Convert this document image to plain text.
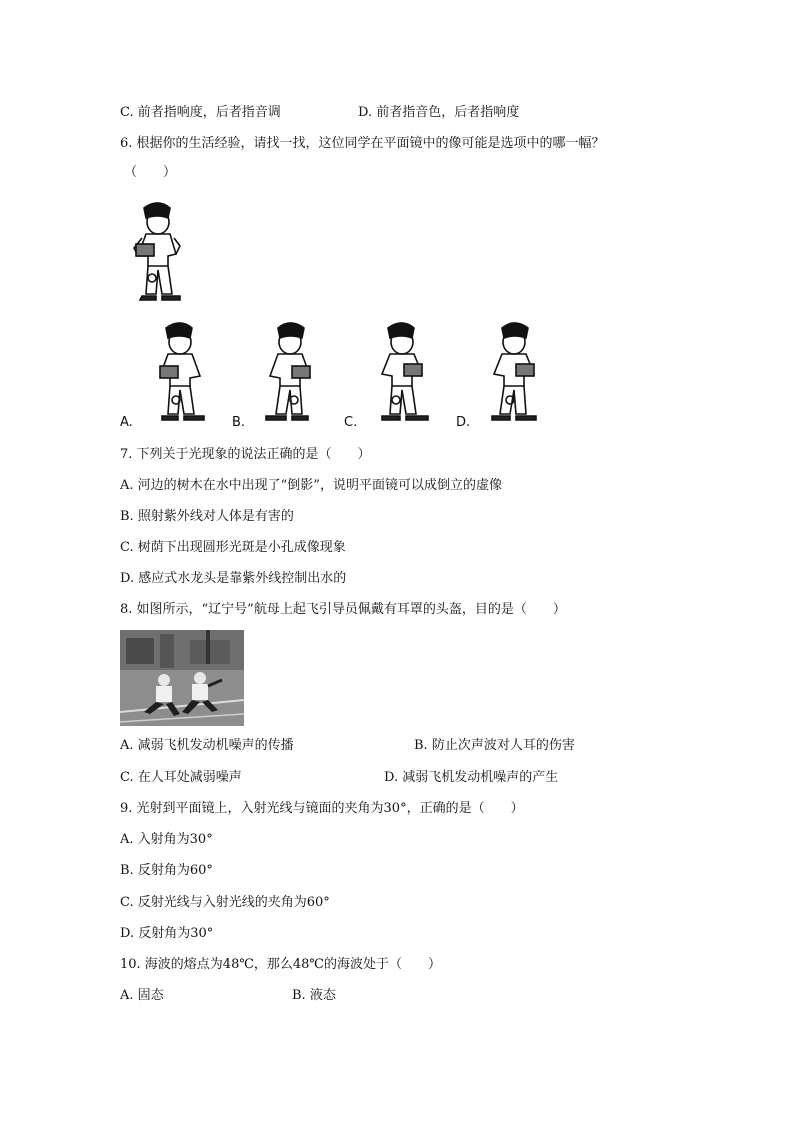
C. 前者指响度，后者指音调	D. 前者指音色，后者指响度
6. 根据你的生活经验，请找一找，这位同学在平面镜中的像可能是选项中的哪一幅？
（　　）
A.	B.	C.	D.
7. 下列关于光现象的说法正确的是（　　）
A. 河边的树木在水中出现了“倒影”，说明平面镜可以成倒立的虚像
B. 照射紫外线对人体是有害的
C. 树荫下出现圆形光斑是小孔成像现象
D. 感应式水龙头是靠紫外线控制出水的
8. 如图所示，“辽宁号”航母上起飞引导员佩戴有耳罩的头盔，目的是（　　）
A. 减弱飞机发动机噪声的传播	B. 防止次声波对人耳的伤害
C. 在人耳处减弱噪声	D. 减弱飞机发动机噪声的产生
9. 光射到平面镜上，入射光线与镜面的夹角为30°，正确的是（　　）
A. 入射角为30°
B. 反射角为60°
C. 反射光线与入射光线的夹角为60°
D. 反射角为30°
10. 海波的熔点为48℃，那么48℃的海波处于（　　）
A. 固态	B. 液态
